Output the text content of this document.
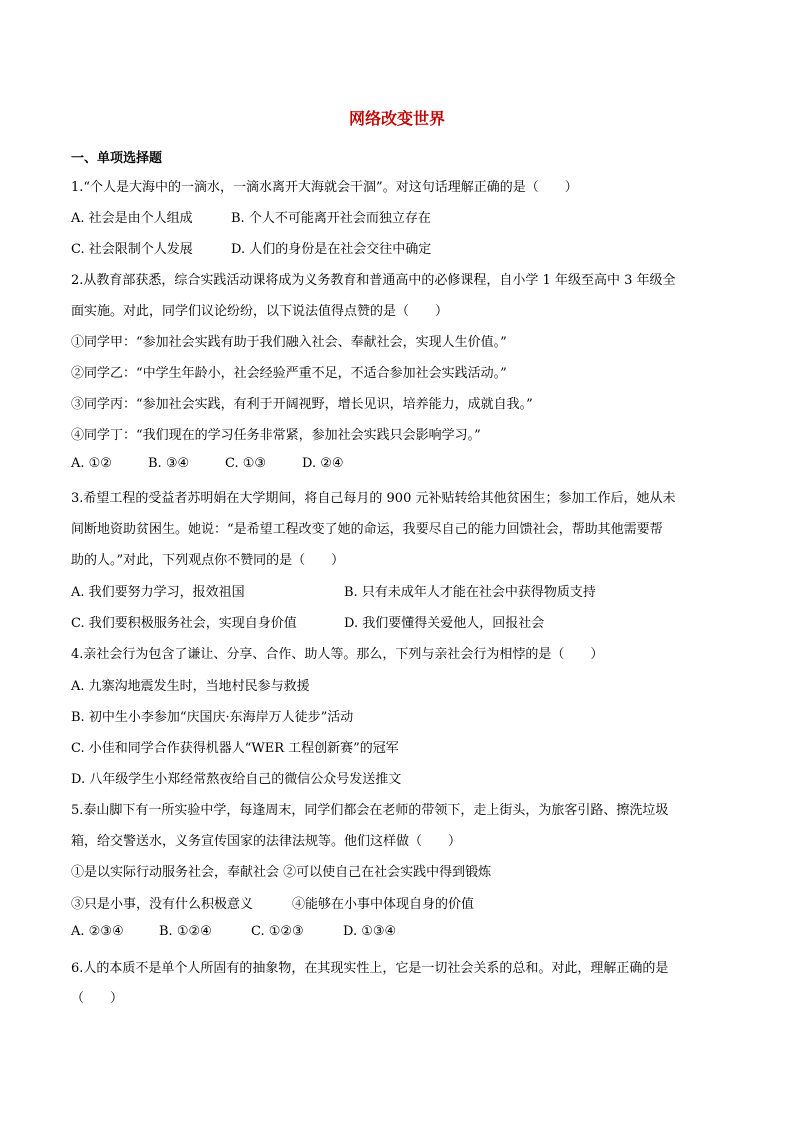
网络改变世界
一、单项选择题
1.“个人是大海中的一滴水，一滴水离开大海就会干涸”。对这句话理解正确的是（　　）
A. 社会是由个人组成	B. 个人不可能离开社会而独立存在
C. 社会限制个人发展	D. 人们的身份是在社会交往中确定
2.从教育部获悉，综合实践活动课将成为义务教育和普通高中的必修课程，自小学 1 年级至高中 3 年级全
面实施。对此，同学们议论纷纷，以下说法值得点赞的是（　　）
①同学甲：“参加社会实践有助于我们融入社会、奉献社会，实现人生价值。”
②同学乙：“中学生年龄小，社会经验严重不足，不适合参加社会实践活动。”
③同学丙：“参加社会实践，有利于开阔视野，增长见识，培养能力，成就自我。”
④同学丁：“我们现在的学习任务非常紧，参加社会实践只会影响学习。”
A. ①②	B. ③④	C. ①③	D. ②④
3.希望工程的受益者苏明娟在大学期间，将自己每月的 900 元补贴转给其他贫困生；参加工作后，她从未
间断地资助贫困生。她说：“是希望工程改变了她的命运，我要尽自己的能力回馈社会，帮助其他需要帮
助的人。”对此，下列观点你不赞同的是（　　）
A. 我们要努力学习，报效祖国	B. 只有未成年人才能在社会中获得物质支持
C. 我们要积极服务社会，实现自身价值	D. 我们要懂得关爱他人，回报社会
4.亲社会行为包含了谦让、分享、合作、助人等。那么，下列与亲社会行为相悖的是（　　）
A. 九寨沟地震发生时，当地村民参与救援
B. 初中生小李参加“庆国庆·东海岸万人徒步”活动
C. 小佳和同学合作获得机器人“WER 工程创新赛”的冠军
D. 八年级学生小郑经常熬夜给自己的微信公众号发送推文
5.泰山脚下有一所实验中学，每逢周末，同学们都会在老师的带领下，走上街头，为旅客引路、擦洗垃圾
箱，给交警送水，义务宣传国家的法律法规等。他们这样做（　　）
①是以实际行动服务社会，奉献社会 ②可以使自己在社会实践中得到锻炼
③只是小事，没有什么积极意义　　　④能够在小事中体现自身的价值
A. ②③④	B. ①②④	C. ①②③	D. ①③④
6.人的本质不是单个人所固有的抽象物，在其现实性上，它是一切社会关系的总和。对此，理解正确的是
（　　）
